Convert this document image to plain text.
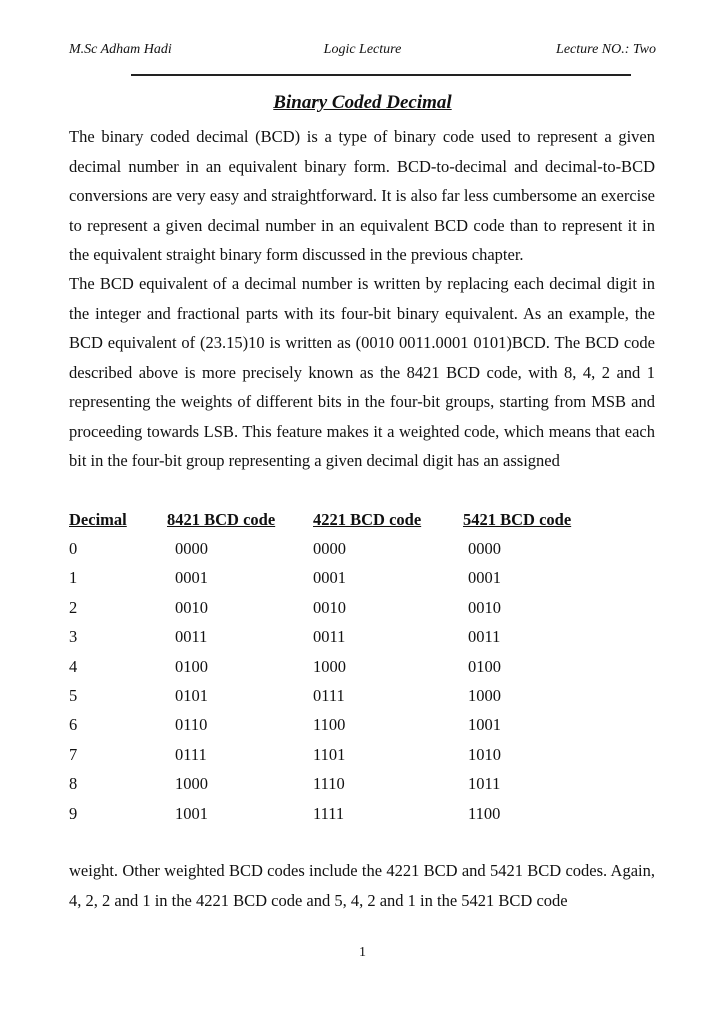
M.Sc Adham Hadi	Logic Lecture	Lecture NO.: Two
Binary Coded Decimal
The binary coded decimal (BCD) is a type of binary code used to represent a given decimal number in an equivalent binary form. BCD-to-decimal and decimal-to-BCD conversions are very easy and straightforward. It is also far less cumbersome an exercise to represent a given decimal number in an equivalent BCD code than to represent it in the equivalent straight binary form discussed in the previous chapter.
The BCD equivalent of a decimal number is written by replacing each decimal digit in the integer and fractional parts with its four-bit binary equivalent. As an example, the BCD equivalent of (23.15)10 is written as (0010 0011.0001 0101)BCD. The BCD code described above is more precisely known as the 8421 BCD code, with 8, 4, 2 and 1 representing the weights of different bits in the four-bit groups, starting from MSB and proceeding towards LSB. This feature makes it a weighted code, which means that each bit in the four-bit group representing a given decimal digit has an assigned
Decimal	8421 BCD code	4221 BCD code	5421 BCD code
0	0000	0000	0000
1	0001	0001	0001
2	0010	0010	0010
3	0011	0011	0011
4	0100	1000	0100
5	0101	0111	1000
6	0110	1100	1001
7	0111	1101	1010
8	1000	1110	1011
9	1001	1111	1100
weight. Other weighted BCD codes include the 4221 BCD and 5421 BCD codes. Again, 4, 2, 2 and 1 in the 4221 BCD code and 5, 4, 2 and 1 in the 5421 BCD code
1
